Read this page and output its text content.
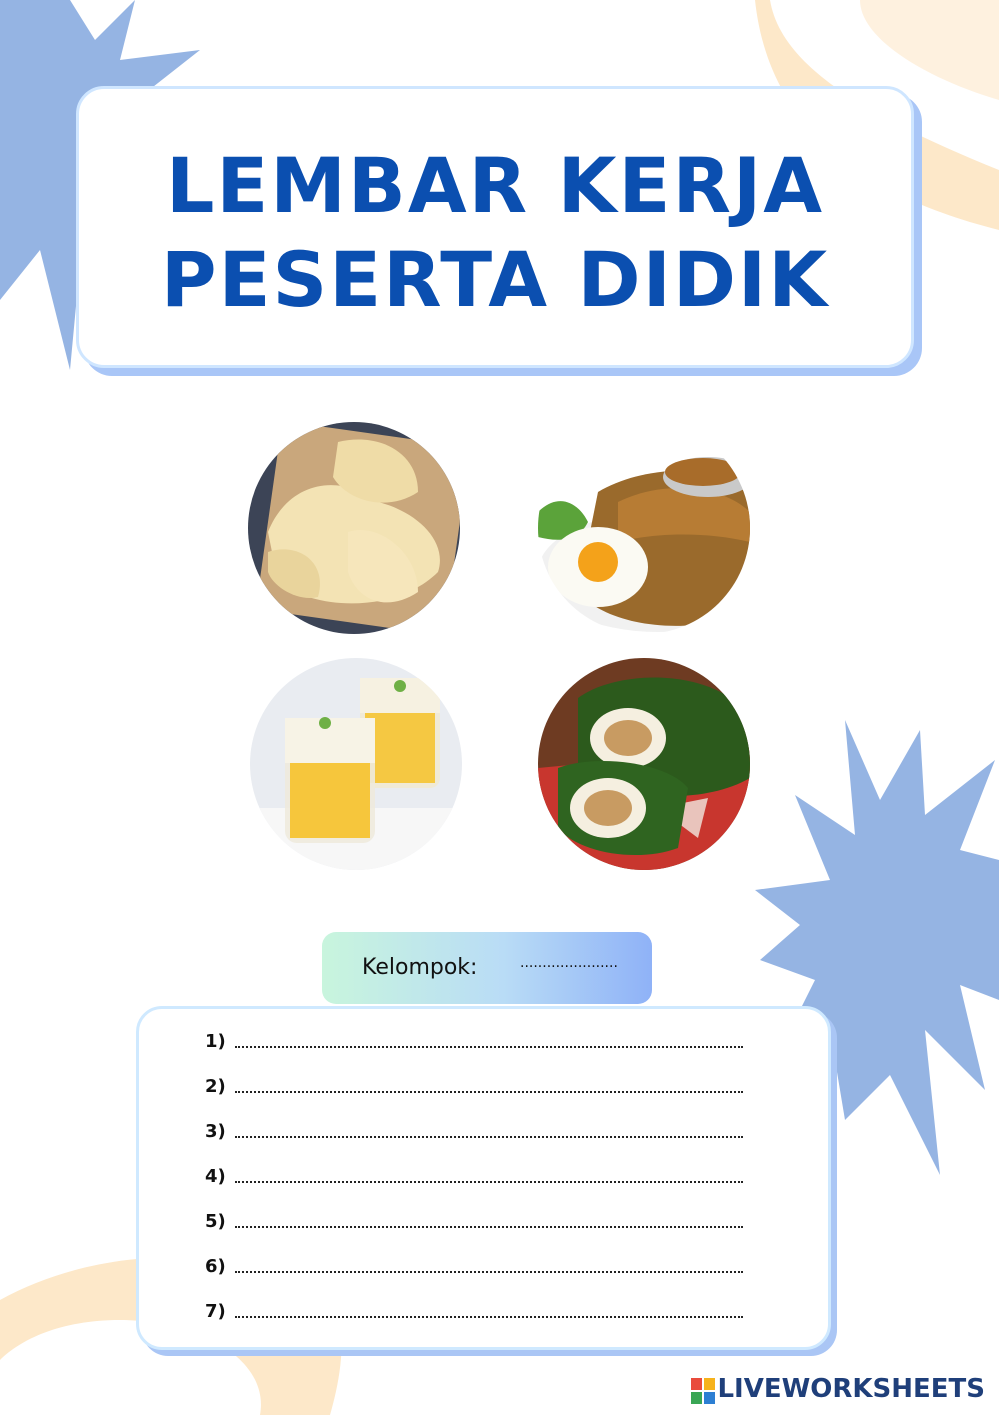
LEMBAR KERJA
PESERTA DIDIK
Kelompok:	......................
1)
2)
3)
4)
5)
6)
7)
LIVEWORKSHEETS
